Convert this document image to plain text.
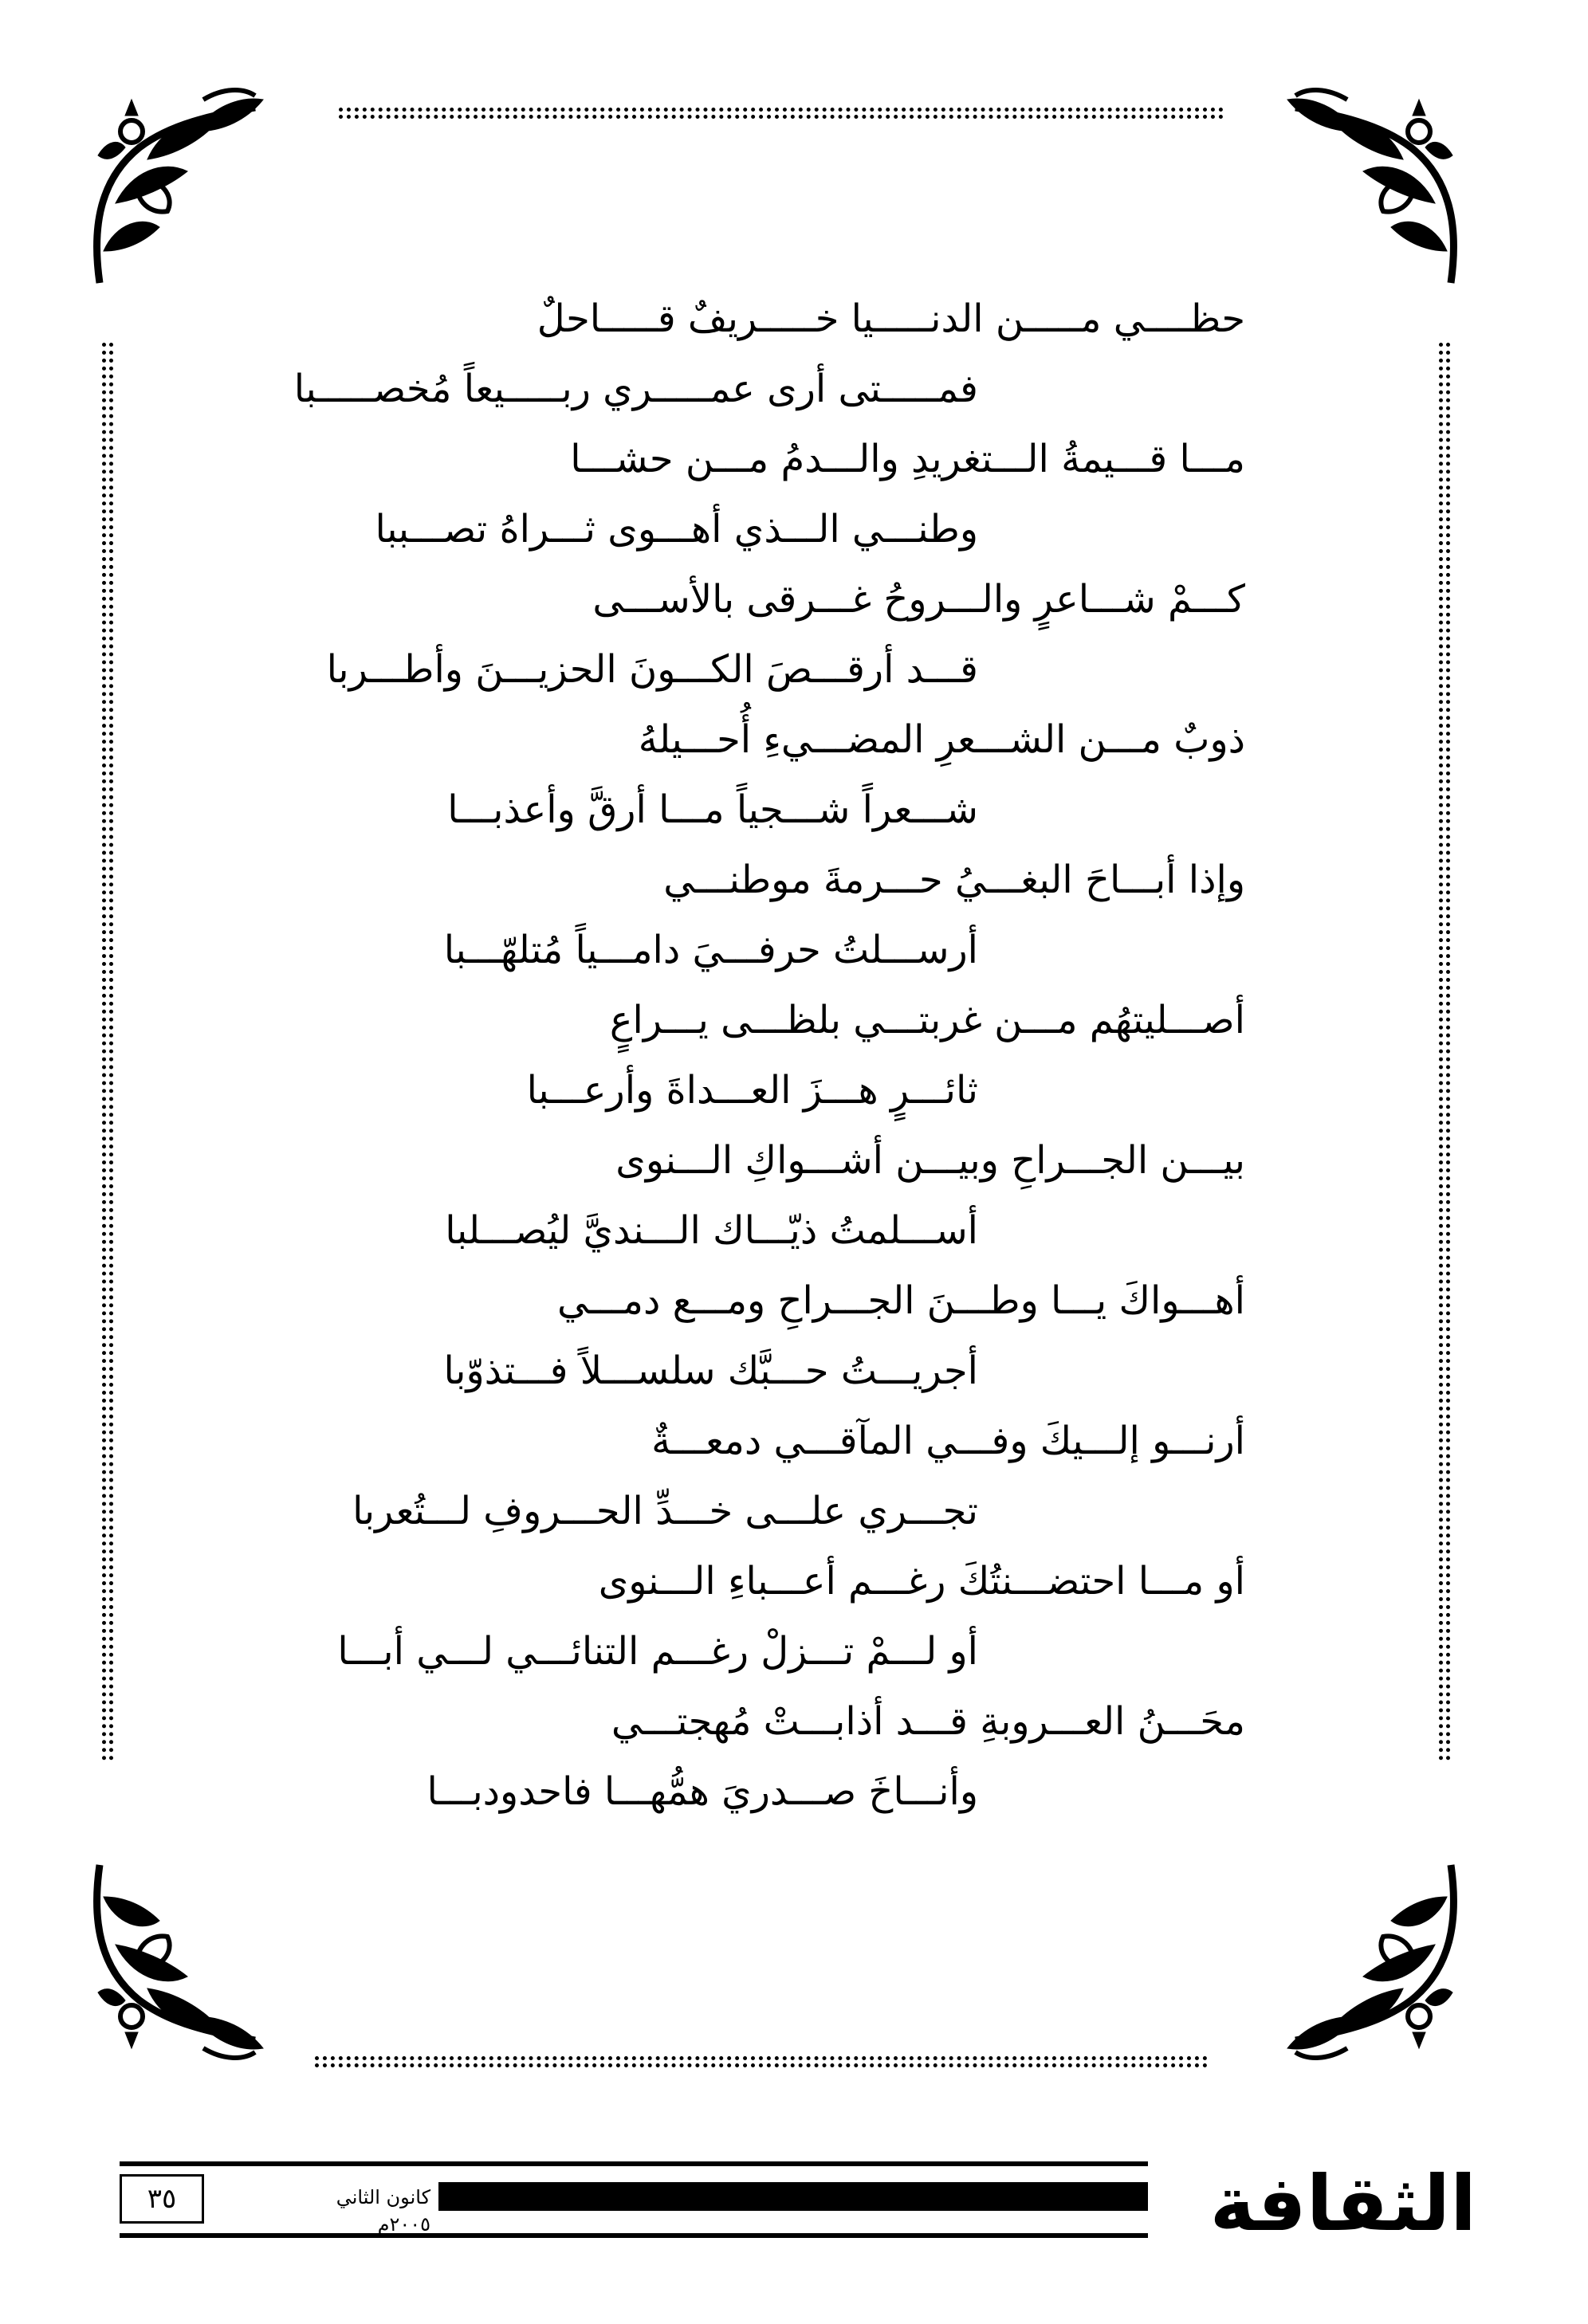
حظــــي مـــــن الدنـــــيا خـــــريفٌ قـــــاحلٌ
فمـــــتى أرى عمـــــري ربـــــيعاً مُخصـــــبا
مـــا قـــيمةُ الـــتغريدِ والـــدمُ مـــن حشـــا
وطنـــي الـــذي أهـــوى ثـــراهُ تصـــببا
كـــمْ شـــاعرٍ والـــروحُ غـــرقى بالأســـى
قـــد أرقـــصَ الكـــونَ الحزيـــنَ وأطـــربا
ذوبٌ مـــن الشـــعرِ المضـــيءِ أُحـــيلهُ
شـــعراً شـــجياً مـــا أرقَّ وأعذبـــا
وإذا أبـــاحَ البغـــيُ حـــرمةَ موطنـــي
أرســـلتُ حرفـــيَ دامـــياً مُتلهّـــبا
أصـــليتهُم مـــن غربتـــي بلظـــى يـــراعٍ
ثائـــرٍ هـــزَ العـــداةَ وأرعـــبا
بيـــن الجـــراحِ وبيـــن أشـــواكِ الـــنوى
أســـلمتُ ذيّـــاك الـــنديَّ ليُصـــلبا
أهـــواكَ يـــا وطـــنَ الجـــراحِ ومـــع دمـــي
أجريـــتُ حـــبَّك سلســـلاً فـــتذوّبا
أرنـــو إلـــيكَ وفـــي المآقـــي دمعـــةٌ
تجـــري علـــى خـــدِّ الحـــروفِ لـــتُعربا
أو مـــا احتضـــنتُكَ رغـــم أعـــباءِ الـــنوى
أو لـــمْ تـــزلْ رغـــم التنائـــي لـــي أبـــا
محَـــنُ العـــروبةِ قـــد أذابـــتْ مُهجتـــي
وأنـــاخَ صـــدريَ همُّهـــا فاحدودبـــا
الثقافة
كانون الثاني ٢٠٠٥م
٣٥
